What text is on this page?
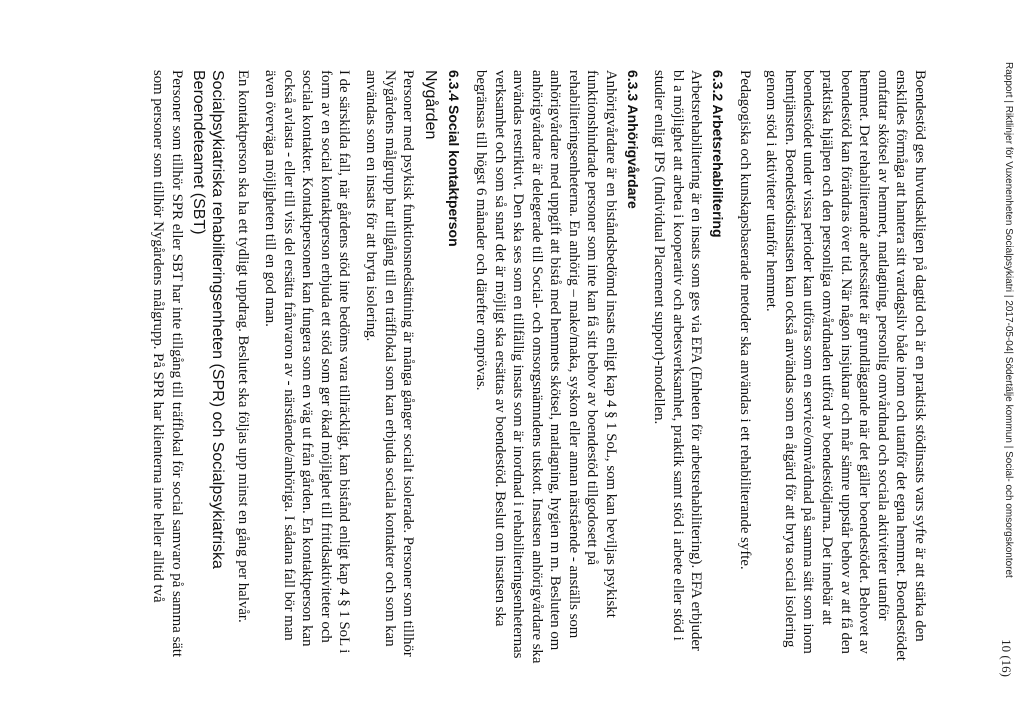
Rapport | Riktlinjer för Vuxenenheten Socialpsykiatri | 2017-05-04| Södertälje kommun | Social- och omsorgskontoret
10 (16)

Boendestöd ges huvudsakligen på dagtid och är en praktisk stödinsats vars syfte är att stärka den enskildes förmåga att hantera sitt vardagsliv både inom och utanför det egna hemmet. Boendestödet omfattar skötsel av hemmet, matlagning, personlig omvårdnad och sociala aktiviteter utanför hemmet. Det rehabiliterande arbetssättet är grundläggande när det gäller boendestödet. Behovet av boendestöd kan förändras över tid. När någon insjuknar och mår sämre uppstår behov av att få den praktiska hjälpen och den personliga omvårdnaden utförd av boendestödjarna. Det innebär att boendestödet under vissa perioder kan utföras som en service/omvårdnad på samma sätt som inom hemtjänsten. Boendestödsinsatsen kan också användas som en åtgärd för att bryta social isolering genom stöd i aktiviteter utanför hemmet.

Pedagogiska och kunskapsbaserade metoder ska användas i ett rehabiliterande syfte.

6.3.2 Arbetsrehabilitering

Arbetsrehabilitering är en insats som ges via EFA (Enheten för arbetsrehabilitering). EFA erbjuder bl a möjlighet att arbeta i kooperativ och arbetsverksamhet, praktik samt stöd i arbete eller stöd i studier enligt IPS (Individual Placement support)-modellen.

6.3.3 Anhörigvårdare

Anhörigvårdare är en biståndsbedömd insats enligt kap 4 § 1 SoL, som kan beviljas psykiskt funktionshindrade personer som inte kan få sitt behov av boendestöd tillgodosett på rehabiliteringsenheterna. En anhörig – make/maka, syskon eller annan närstående - anställs som anhörigvårdare med uppgift att bistå med hemmets skötsel, matlagning, hygien m m. Besluten om anhörigvårdare är delegerade till Social- och omsorgsnämndens utskott. Insatsen anhörigvårdare ska användas restriktivt. Den ska ses som en tillfällig insats som är inordnad i rehabiliteringsenheternas verksamhet och som så snart det är möjligt ska ersättas av boendestöd. Beslut om insatsen ska begränsas till högst 6 månader och därefter omprövas.

6.3.4 Social kontaktperson
Nygården

Personer med psykisk funktionsnedsättning är många gånger socialt isolerade. Personer som tillhör Nygårdens målgrupp har tillgång till en träfflokal som kan erbjuda sociala kontakter och som kan användas som en insats för att bryta isolering.

I de särskilda fall, när gårdens stöd inte bedöms vara tillräckligt, kan bistånd enligt kap 4 § 1 SoL i form av en social kontaktperson erbjuda ett stöd som ger ökad möjlighet till fritidsaktiviteter och sociala kontakter. Kontaktpersonen kan fungera som en väg ut från gården. En kontaktperson kan också avlasta - eller till viss del ersätta frånvaron av - närstående/anhöriga. I sådana fall bör man även överväga möjligheten till en god man.

En kontaktperson ska ha ett tydligt uppdrag. Beslutet ska följas upp minst en gång per halvår.

Socialpsykiatriska rehabiliteringsenheten (SPR) och Socialpsykiatriska
Beroendeteamet (SBT)

Personer som tillhör SPR eller SBT har inte tillgång till träfflokal för social samvaro på samma sätt som personer som tillhör Nygårdens målgrupp. På SPR har klienterna inte heller alltid två
